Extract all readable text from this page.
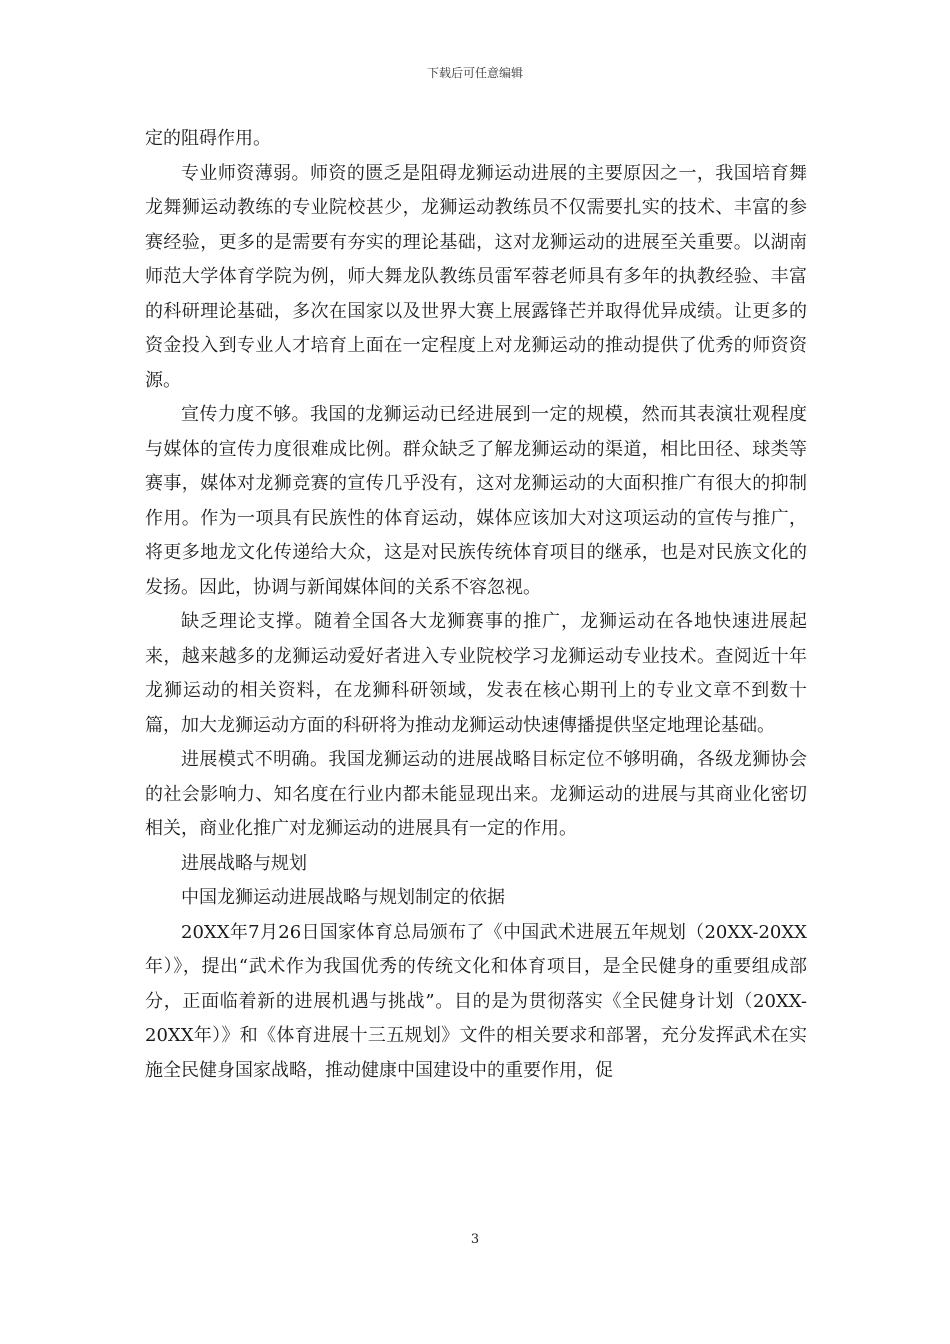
下载后可任意编辑

定的阻碍作用。

专业师资薄弱。师资的匮乏是阻碍龙狮运动进展的主要原因之一，我国培育舞龙舞狮运动教练的专业院校甚少，龙狮运动教练员不仅需要扎实的技术、丰富的参赛经验，更多的是需要有夯实的理论基础，这对龙狮运动的进展至关重要。以湖南师范大学体育学院为例，师大舞龙队教练员雷军蓉老师具有多年的执教经验、丰富的科研理论基础，多次在国家以及世界大赛上展露锋芒并取得优异成绩。让更多的资金投入到专业人才培育上面在一定程度上对龙狮运动的推动提供了优秀的师资资源。

宣传力度不够。我国的龙狮运动已经进展到一定的规模，然而其表演壮观程度与媒体的宣传力度很难成比例。群众缺乏了解龙狮运动的渠道，相比田径、球类等赛事，媒体对龙狮竞赛的宣传几乎没有，这对龙狮运动的大面积推广有很大的抑制作用。作为一项具有民族性的体育运动，媒体应该加大对这项运动的宣传与推广，将更多地龙文化传递给大众，这是对民族传统体育项目的继承，也是对民族文化的发扬。因此，协调与新闻媒体间的关系不容忽视。

缺乏理论支撑。随着全国各大龙狮赛事的推广，龙狮运动在各地快速进展起来，越来越多的龙狮运动爱好者进入专业院校学习龙狮运动专业技术。查阅近十年龙狮运动的相关资料，在龙狮科研领域，发表在核心期刊上的专业文章不到数十篇，加大龙狮运动方面的科研将为推动龙狮运动快速傳播提供坚定地理论基础。

进展模式不明确。我国龙狮运动的进展战略目标定位不够明确，各级龙狮协会的社会影响力、知名度在行业内都未能显现出来。龙狮运动的进展与其商业化密切相关，商业化推广对龙狮运动的进展具有一定的作用。

进展战略与规划

中国龙狮运动进展战略与规划制定的依据

20XX年7月26日国家体育总局颁布了《中国武术进展五年规划（20XX-20XX年）》，提出“武术作为我国优秀的传统文化和体育项目，是全民健身的重要组成部分，正面临着新的进展机遇与挑战”。目的是为贯彻落实《全民健身计划（20XX-20XX年）》和《体育进展十三五规划》文件的相关要求和部署，充分发挥武术在实施全民健身国家战略，推动健康中国建设中的重要作用，促

3
